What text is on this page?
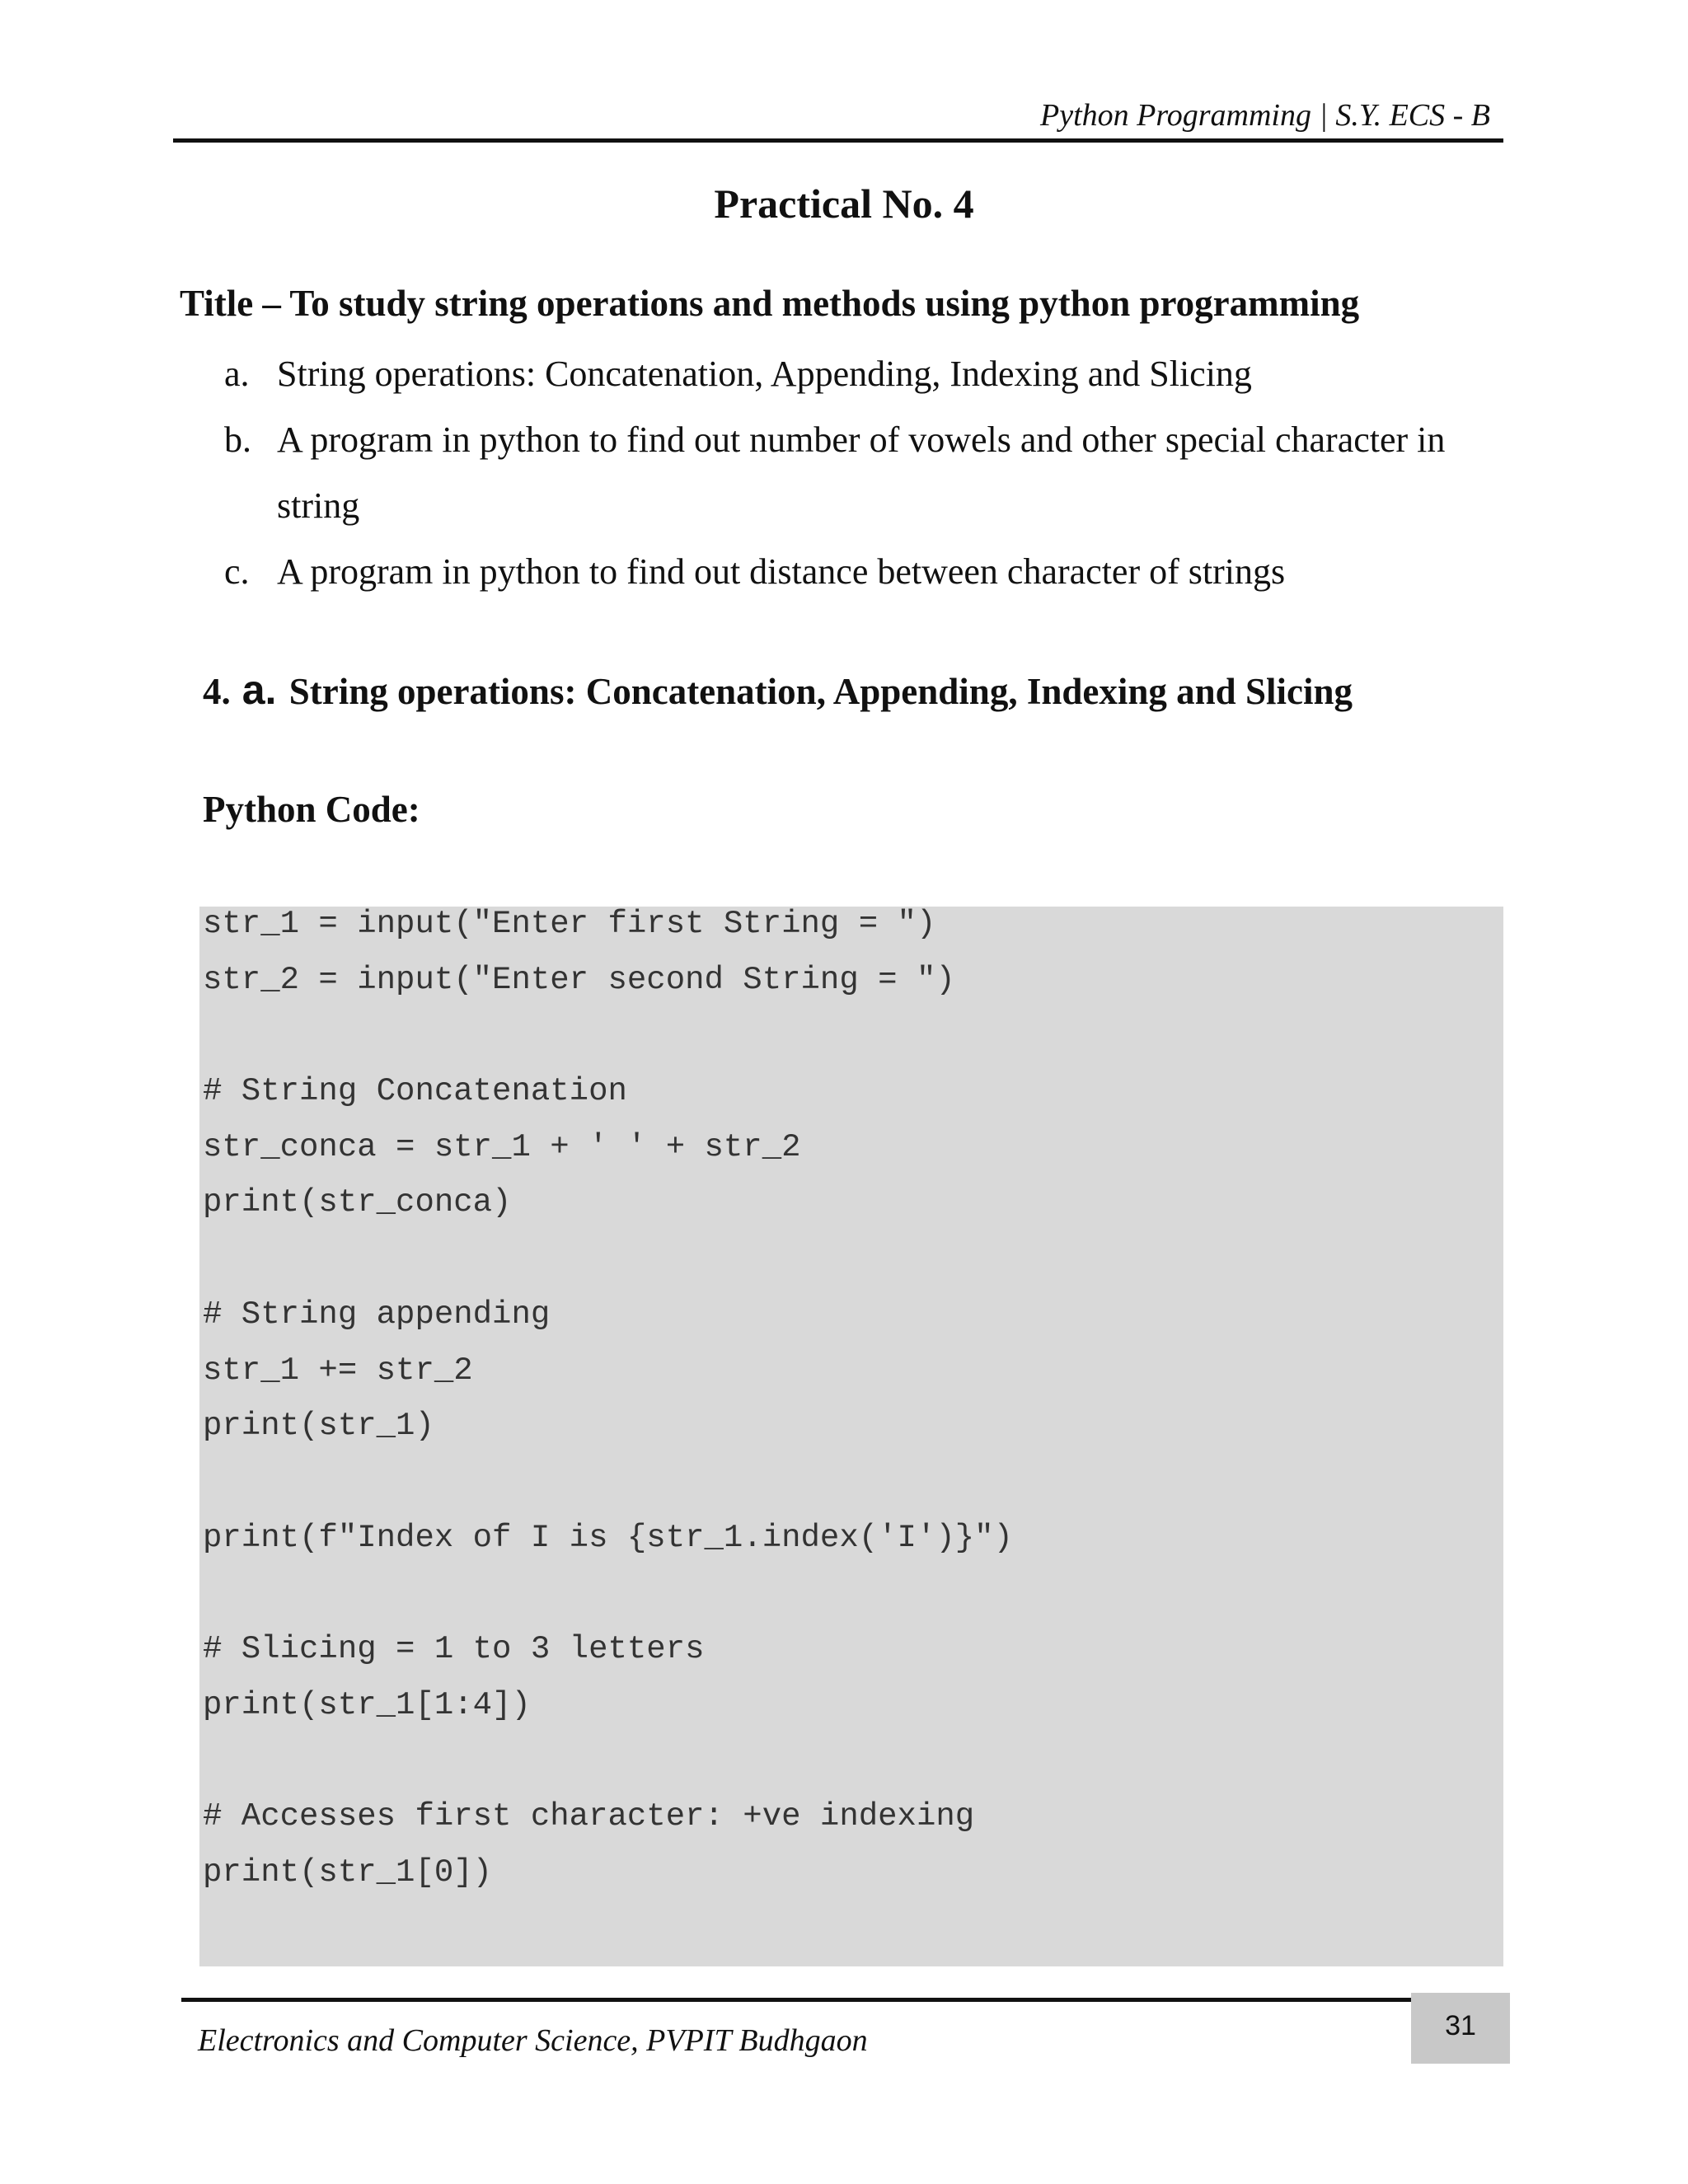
Python Programming | S.Y. ECS - B
Practical No. 4
Title – To study string operations and methods using python programming
a. String operations: Concatenation, Appending, Indexing and Slicing
b. A program in python to find out number of vowels and other special character in string
c. A program in python to find out distance between character of strings
4. a. String operations: Concatenation, Appending, Indexing and Slicing
Python Code:
str_1 = input("Enter first String = ")
str_2 = input("Enter second String = ")
# String Concatenation
str_conca = str_1 + ' ' + str_2
print(str_conca)
# String appending
str_1 += str_2
print(str_1)
print(f"Index of I is {str_1.index('I')}")
# Slicing = 1 to 3 letters
print(str_1[1:4])
# Accesses first character: +ve indexing
print(str_1[0])
Electronics and Computer Science, PVPIT Budhgaon	31
